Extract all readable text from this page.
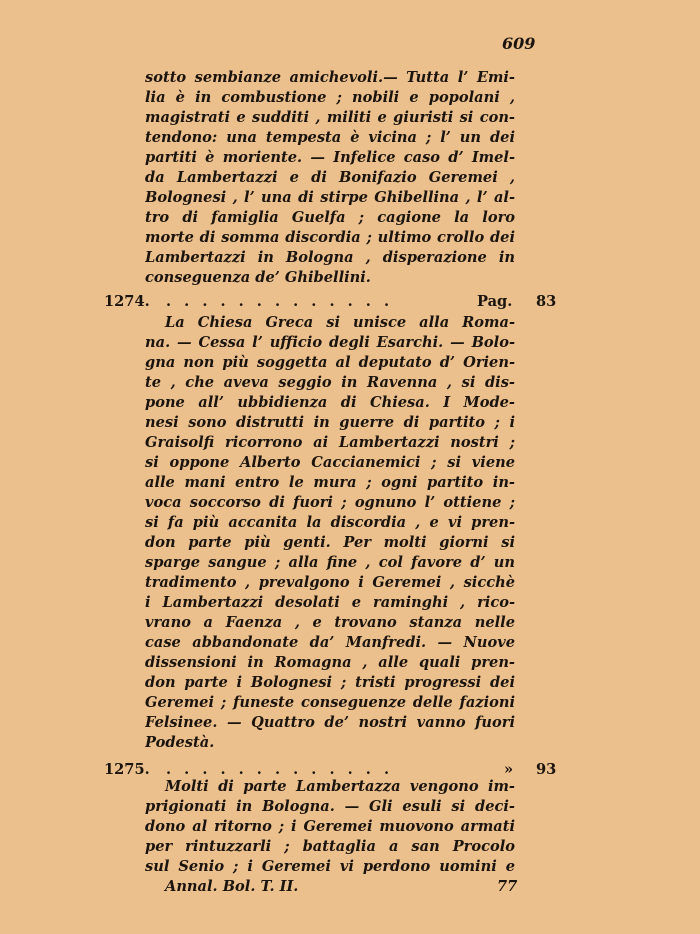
609
sotto sembianze amichevoli.— Tutta l’ Emi-
lia è in combustione ; nobili e popolani ,
magistrati e sudditi , militi e giuristi si con-
tendono: una tempesta è vicina ; l’ un dei
partiti è moriente. — Infelice caso d’ Imel-
da Lambertazzi e di Bonifazio Geremei ,
Bolognesi , l’ una di stirpe Ghibellina , l’ al-
tro di famiglia Guelfa ; cagione la loro
morte di somma discordia ; ultimo crollo dei
Lambertazzi in Bologna , disperazione in
conseguenza de’ Ghibellini.
1274. . . . . . . . . . . . . .	Pag. 83
La Chiesa Greca si unisce alla Roma-
na. — Cessa l’ ufficio degli Esarchi. — Bolo-
gna non più soggetta al deputato d’ Orien-
te , che aveva seggio in Ravenna , si dis-
pone all’ ubbidienza di Chiesa. I Mode-
nesi sono distrutti in guerre di partito ; i
Graisolfi ricorrono ai Lambertazzi nostri ;
si oppone Alberto Caccianemici ; si viene
alle mani entro le mura ; ogni partito in-
voca soccorso di fuori ; ognuno l’ ottiene ;
si fa più accanita la discordia , e vi pren-
don parte più genti. Per molti giorni si
sparge sangue ; alla fine , col favore d’ un
tradimento , prevalgono i Geremei , sicchè
i Lambertazzi desolati e raminghi , rico-
vrano a Faenza , e trovano stanza nelle
case abbandonate da’ Manfredi. — Nuove
dissensioni in Romagna , alle quali pren-
don parte i Bolognesi ; tristi progressi dei
Geremei ; funeste conseguenze delle fazioni
Felsinee. — Quattro de’ nostri vanno fuori
Podestà.
1275. . . . . . . . . . . . . .	» 93
Molti di parte Lambertazza vengono im-
prigionati in Bologna. — Gli esuli si deci-
dono al ritorno ; i Geremei muovono armati
per rintuzzarli ; battaglia a san Procolo
sul Senio ; i Geremei vi perdono uomini e
Annal. Bol. T. II.	77
